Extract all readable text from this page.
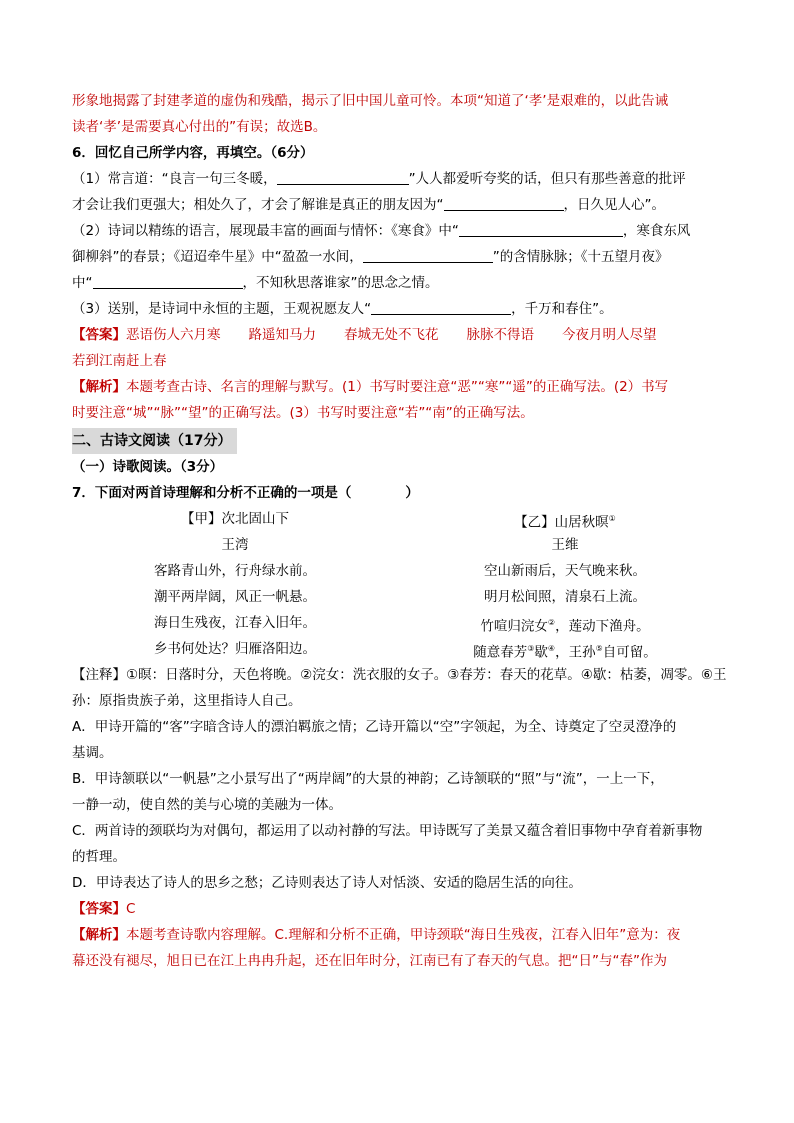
形象地揭露了封建孝道的虚伪和残酷，揭示了旧中国儿童可怜。本项“知道了‘孝’是艰难的，以此告诫
读者‘孝’是需要真心付出的”有误；故选B。
6．回忆自己所学内容，再填空。（6分）
（1）常言道：“良言一句三冬暖，	”人人都爱听夸奖的话，但只有那些善意的批评
才会让我们更强大；相处久了，才会了解谁是真正的朋友因为“	，日久见人心”。
（2）诗词以精练的语言，展现最丰富的画面与情怀：《寒食》中“	，寒食东风
御柳斜”的春景；《迢迢牵牛星》中“盈盈一水间，	”的含情脉脉；《十五望月夜》
中“	，不知秋思落谁家”的思念之情。
（3）送别，是诗词中永恒的主题，王观祝愿友人“	，千万和春住”。
【答案】恶语伤人六月寒 路遥知马力 春城无处不飞花 脉脉不得语 今夜月明人尽望
若到江南赶上春
【解析】本题考查古诗、名言的理解与默写。(1）书写时要注意“恶”“寒”“遥”的正确写法。(2）书写
时要注意“城”“脉”“望”的正确写法。(3）书写时要注意“若”“南”的正确写法。
二、古诗文阅读（17分）
（一）诗歌阅读。（3分）
7．下面对两首诗理解和分析不正确的一项是（　　　　）
【甲】次北固山下
王湾
客路青山外，行舟绿水前。
潮平两岸阔，风正一帆悬。
海日生残夜，江春入旧年。
乡书何处达？归雁洛阳边。
【乙】山居秋暝①
王维
空山新雨后，天气晚来秋。
明月松间照，清泉石上流。
竹喧归浣女②，莲动下渔舟。
随意春芳③歇④，王孙⑤自可留。
【注释】①暝：日落时分，天色将晚。②浣女：洗衣服的女子。③春芳：春天的花草。④歇：枯萎，凋零。⑥王
孙：原指贵族子弟，这里指诗人自己。
A．甲诗开篇的“客”字暗含诗人的漂泊羁旅之情；乙诗开篇以“空”字领起，为全、诗奠定了空灵澄净的
基调。
B．甲诗颔联以“一帆悬”之小景写出了“两岸阔”的大景的神韵；乙诗颔联的“照”与“流”，一上一下，
一静一动，使自然的美与心境的美融为一体。
C．两首诗的颈联均为对偶句，都运用了以动衬静的写法。甲诗既写了美景又蕴含着旧事物中孕育着新事物
的哲理。
D．甲诗表达了诗人的思乡之愁；乙诗则表达了诗人对恬淡、安适的隐居生活的向往。
【答案】C
【解析】本题考查诗歌内容理解。C.理解和分析不正确，甲诗颈联“海日生残夜，江春入旧年”意为：夜
幕还没有褪尽，旭日已在江上冉冉升起，还在旧年时分，江南已有了春天的气息。把“日”与“春”作为
